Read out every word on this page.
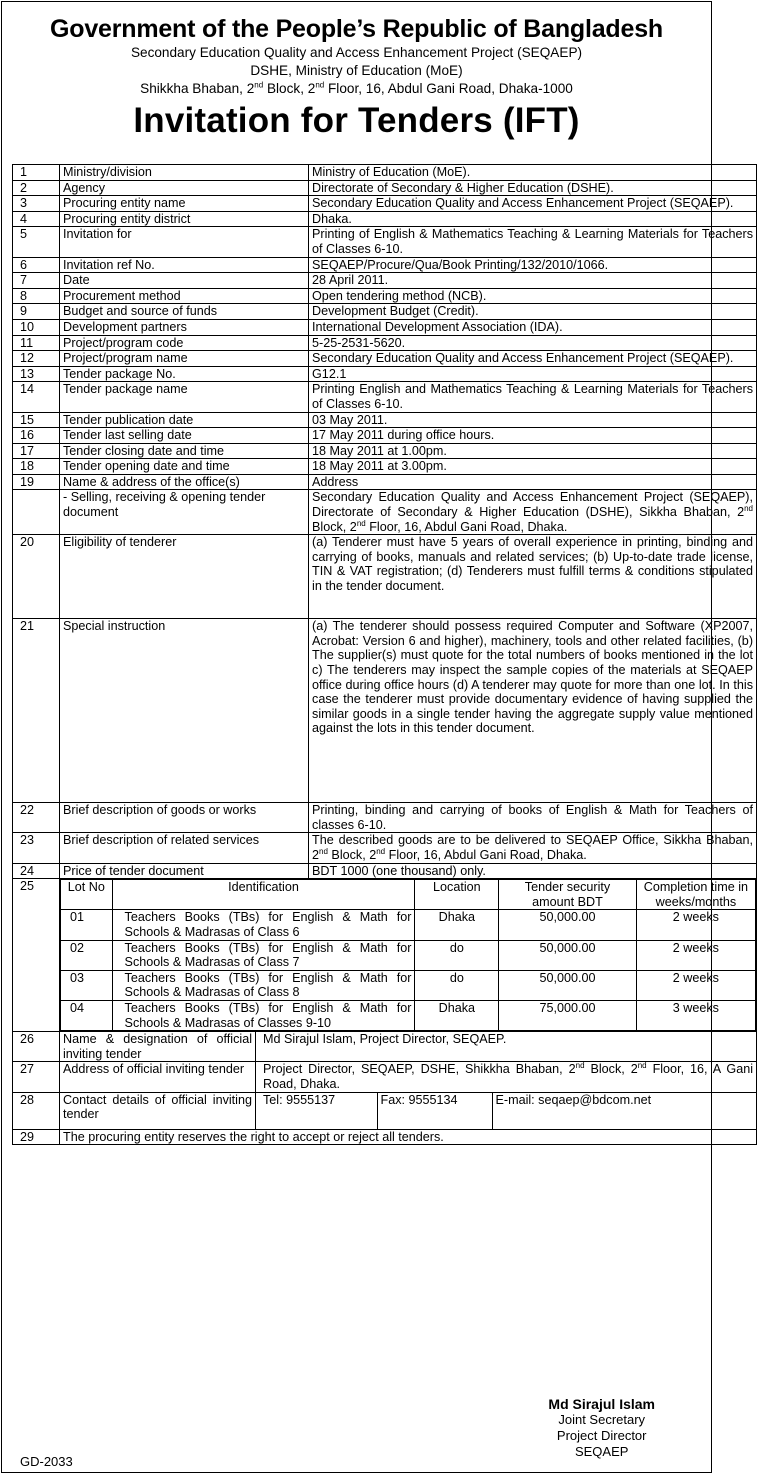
Government of the People’s Republic of Bangladesh
Secondary Education Quality and Access Enhancement Project (SEQAEP)
DSHE, Ministry of Education (MoE)
Shikkha Bhaban, 2nd Block, 2nd Floor, 16, Abdul Gani Road, Dhaka-1000
Invitation for Tenders (IFT)
1	Ministry/division	Ministry of Education (MoE).
2	Agency	Directorate of Secondary & Higher Education (DSHE).
3	Procuring entity name	Secondary Education Quality and Access Enhancement Project (SEQAEP).
4	Procuring entity district	Dhaka.
5	Invitation for	Printing of English & Mathematics Teaching & Learning Materials for Teachers of Classes 6-10.
6	Invitation ref No.	SEQAEP/Procure/Qua/Book Printing/132/2010/1066.
7	Date	28 April 2011.
8	Procurement method	Open tendering method (NCB).
9	Budget and source of funds	Development Budget (Credit).
10	Development partners	International Development Association (IDA).
11	Project/program code	5-25-2531-5620.
12	Project/program name	Secondary Education Quality and Access Enhancement Project (SEQAEP).
13	Tender package No.	G12.1
14	Tender package name	Printing English and Mathematics Teaching & Learning Materials for Teachers of Classes 6-10.
15	Tender publication date	03 May 2011.
16	Tender last selling date	17 May 2011 during office hours.
17	Tender closing date and time	18 May 2011 at 1.00pm.
18	Tender opening date and time	18 May 2011 at 3.00pm.
19	Name & address of the office(s)	Address
	- Selling, receiving & opening tender document	Secondary Education Quality and Access Enhancement Project (SEQAEP), Directorate of Secondary & Higher Education (DSHE), Sikkha Bhaban, 2nd Block, 2nd Floor, 16, Abdul Gani Road, Dhaka.
20	Eligibility of tenderer	(a) Tenderer must have 5 years of overall experience in printing, binding and carrying of books, manuals and related services; (b) Up-to-date trade license, TIN & VAT registration; (d) Tenderers must fulfill terms & conditions stipulated in the tender document.
21	Special instruction	(a) The tenderer should possess required Computer and Software (XP2007, Acrobat: Version 6 and higher), machinery, tools and other related facilities, (b) The supplier(s) must quote for the total numbers of books mentioned in the lot c) The tenderers may inspect the sample copies of the materials at SEQAEP office during office hours (d) A tenderer may quote for more than one lot. In this case the tenderer must provide documentary evidence of having supplied the similar goods in a single tender having the aggregate supply value mentioned against the lots in this tender document.
22	Brief description of goods or works	Printing, binding and carrying of books of English & Math for Teachers of classes 6-10.
23	Brief description of related services	The described goods are to be delivered to SEQAEP Office, Sikkha Bhaban, 2nd Block, 2nd Floor, 16, Abdul Gani Road, Dhaka.
24	Price of tender document	BDT 1000 (one thousand) only.
25		Lot No	Identification	Location	Tender security amount BDT	Completion time in weeks/months
01	Teachers Books (TBs) for English & Math for Schools & Madrasas of Class 6	Dhaka	50,000.00	2 weeks
02	Teachers Books (TBs) for English & Math for Schools & Madrasas of Class 7	do	50,000.00	2 weeks
03	Teachers Books (TBs) for English & Math for Schools & Madrasas of Class 8	do	50,000.00	2 weeks
04	Teachers Books (TBs) for English & Math for Schools & Madrasas of Classes 9-10	Dhaka	75,000.00	3 weeks

26	Name & designation of official inviting tender	Md Sirajul Islam, Project Director, SEQAEP.
27	Address of official inviting tender	Project Director, SEQAEP, DSHE, Shikkha Bhaban, 2nd Block, 2nd Floor, 16, A Gani Road, Dhaka.
28	Contact details of official inviting tender	
Tel: 9555137	Fax: 9555134	E-mail: seqaep@bdcom.net

29	The procuring entity reserves the right to accept or reject all tenders.
Md Sirajul Islam
Joint Secretary
Project Director
SEQAEP
GD-2033
